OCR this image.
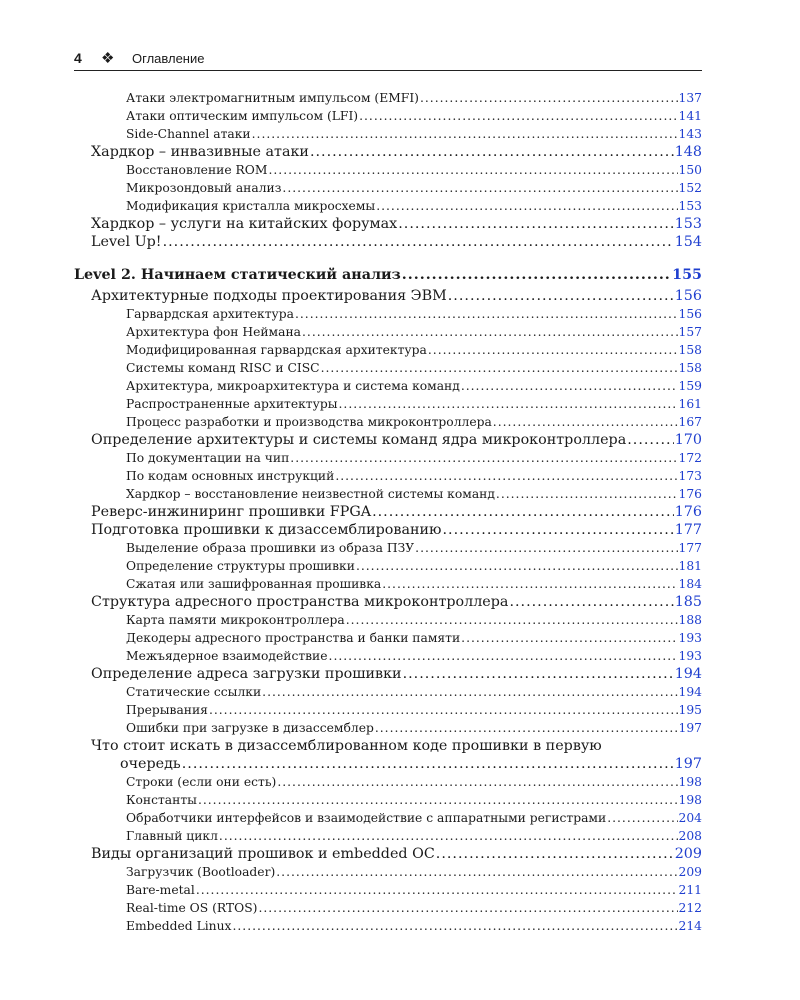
4 ❖ Оглавление
Атаки электромагнитным импульсом (EMFI) .....	137
Атаки оптическим импульсом (LFI) .....	141
Side-Channel атаки .....	143
Хардкор – инвазивные атаки .....	148
Восстановление ROM .....	150
Микрозондовый анализ .....	152
Модификация кристалла микросхемы .....	153
Хардкор – услуги на китайских форумах .....	153
Level Up! .....	154
Level 2. Начинаем статический анализ .....	155
Архитектурные подходы проектирования ЭВМ .....	156
Гарвардская архитектура .....	156
Архитектура фон Неймана .....	157
Модифицированная гарвардская архитектура .....	158
Системы команд RISC и CISC .....	158
Архитектура, микроархитектура и система команд .....	159
Распространенные архитектуры .....	161
Процесс разработки и производства микроконтроллера .....	167
Определение архитектуры и системы команд ядра микроконтроллера .....	170
По документации на чип .....	172
По кодам основных инструкций .....	173
Хардкор – восстановление неизвестной системы команд .....	176
Реверс-инжиниринг прошивки FPGA .....	176
Подготовка прошивки к дизассемблированию .....	177
Выделение образа прошивки из образа ПЗУ .....	177
Определение структуры прошивки .....	181
Сжатая или зашифрованная прошивка .....	184
Структура адресного пространства микроконтроллера .....	185
Карта памяти микроконтроллера .....	188
Декодеры адресного пространства и банки памяти .....	193
Межъядерное взаимодействие .....	193
Определение адреса загрузки прошивки .....	194
Статические ссылки .....	194
Прерывания .....	195
Ошибки при загрузке в дизассемблер .....	197
Что стоит искать в дизассемблированном коде прошивки в первую
очередь .....	197
Строки (если они есть) .....	198
Константы .....	198
Обработчики интерфейсов и взаимодействие с аппаратными регистрами .....	204
Главный цикл .....	208
Виды организаций прошивок и embedded OC .....	209
Загрузчик (Bootloader) .....	209
Bare-metal .....	211
Real-time OS (RTOS) .....	212
Embedded Linux .....	214
